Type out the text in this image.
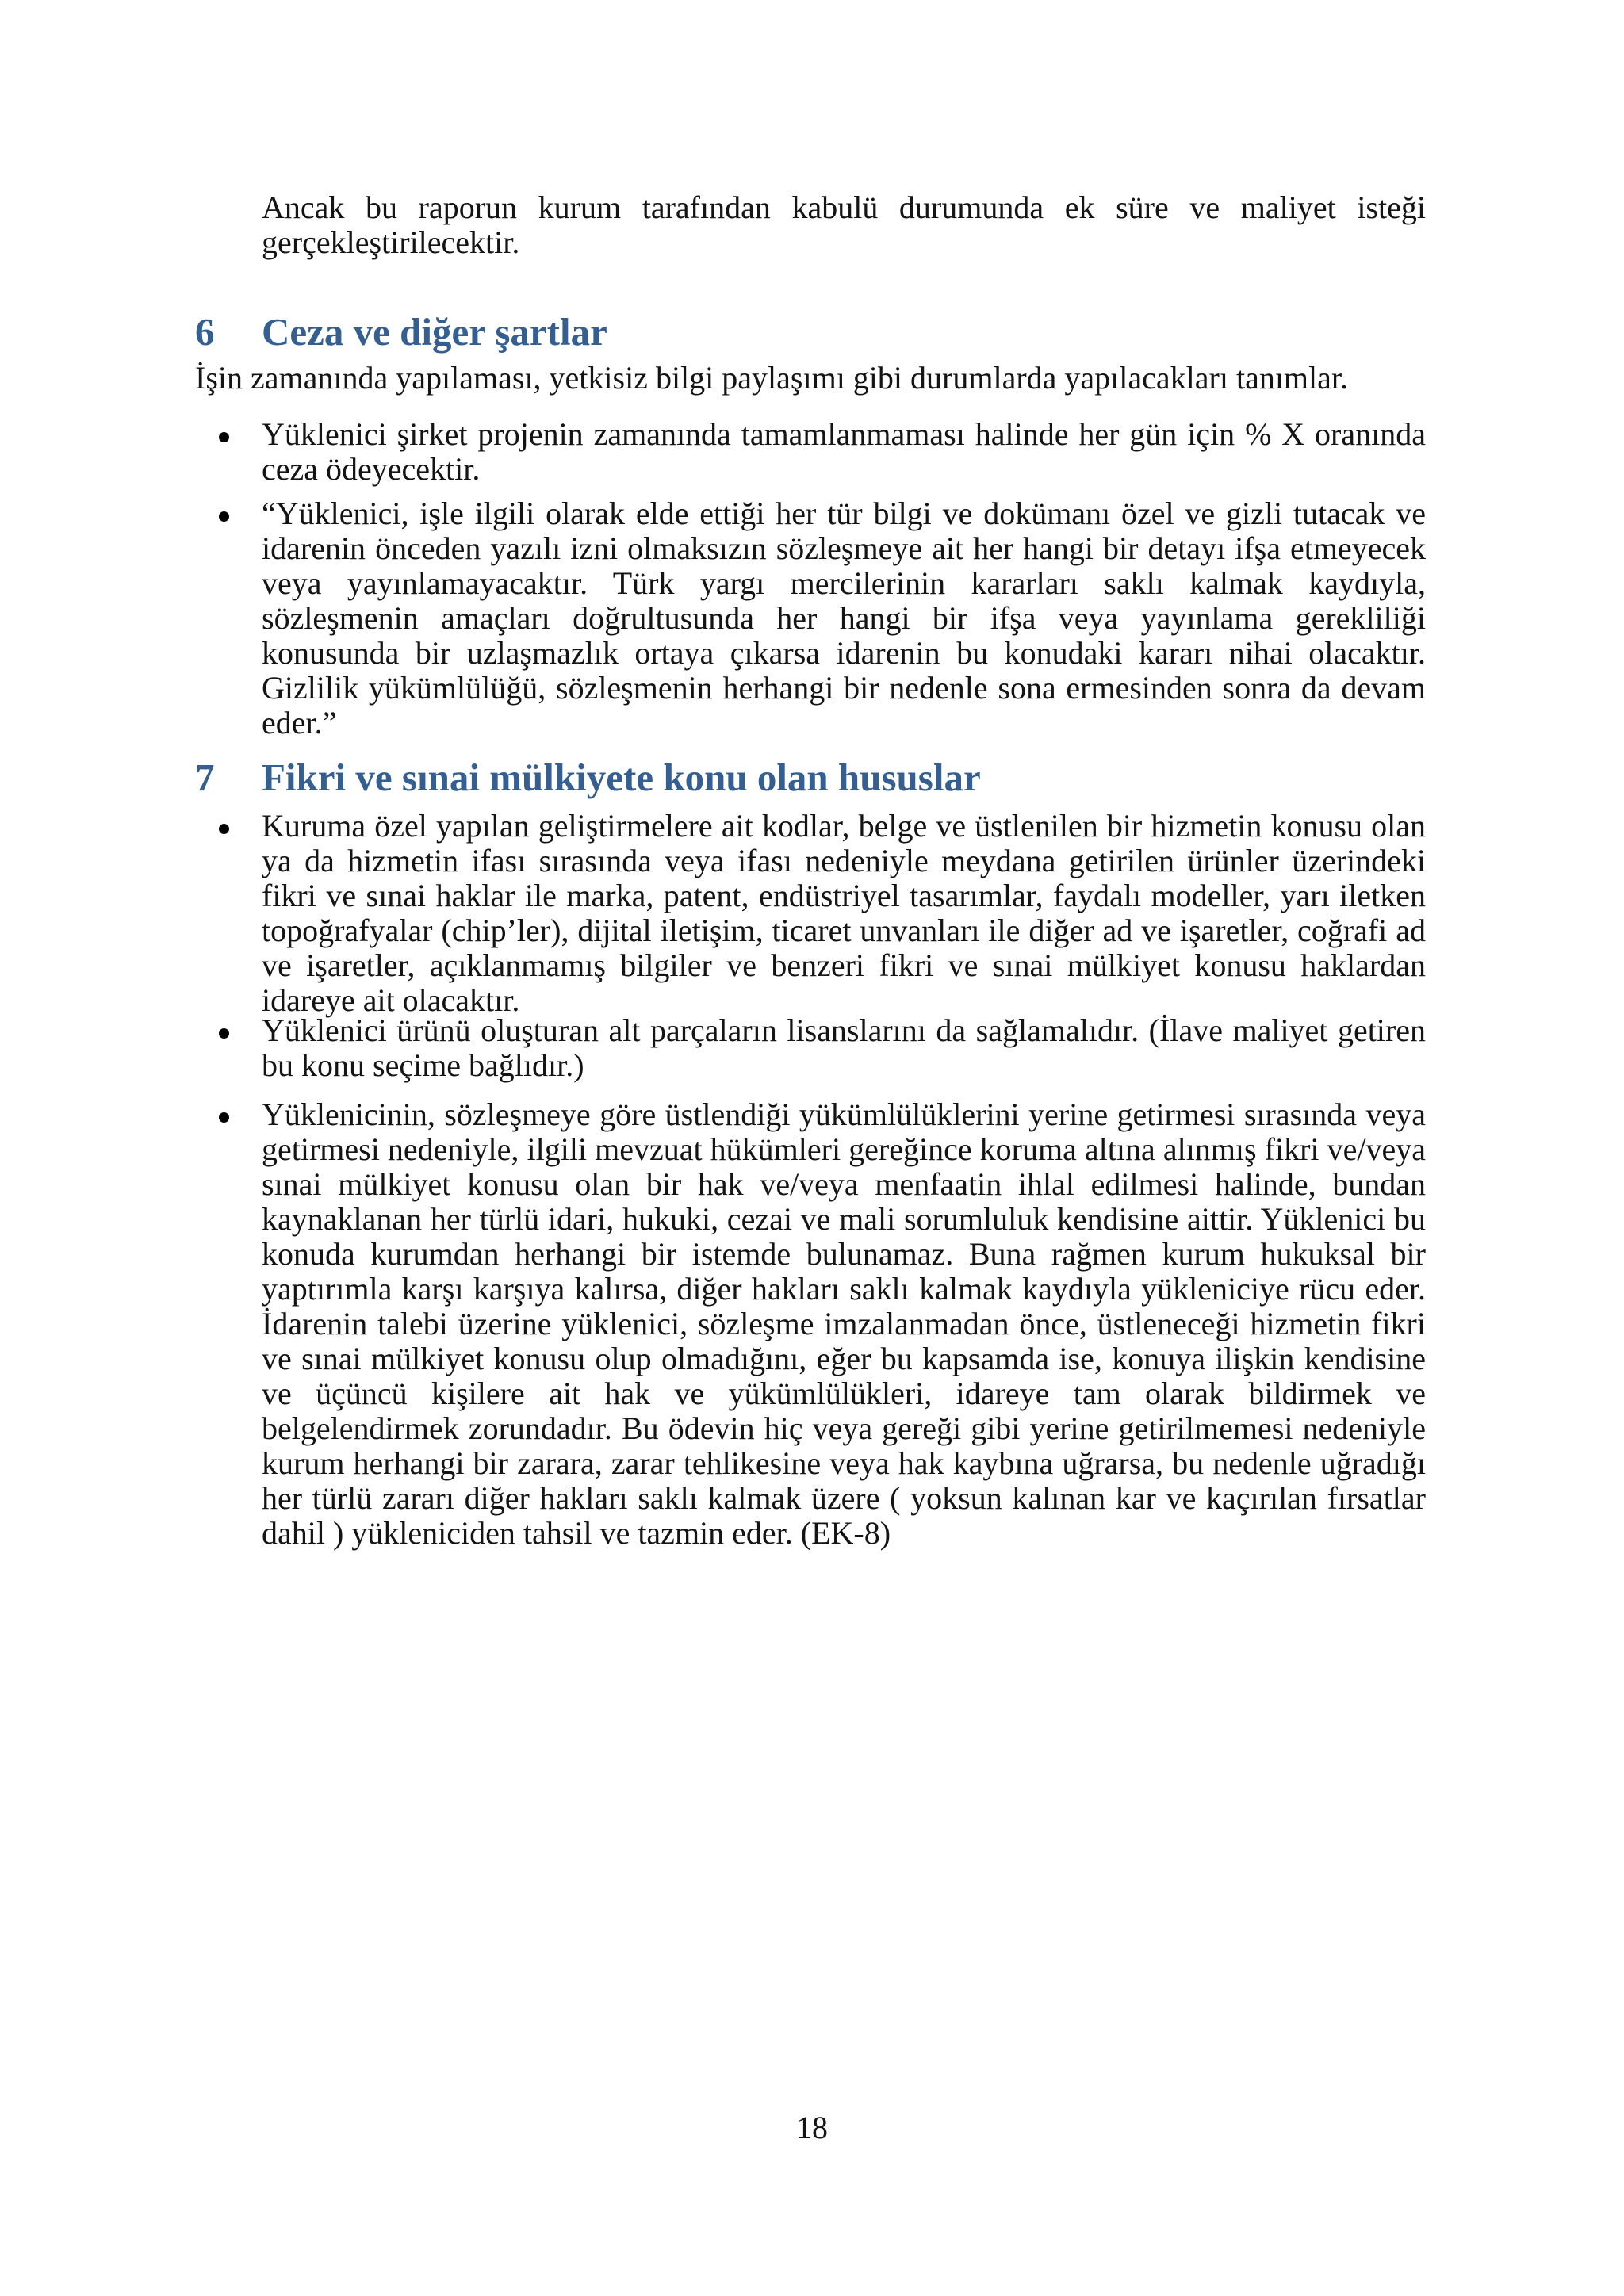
Ancak bu raporun kurum tarafından kabulü durumunda ek süre ve maliyet isteği gerçekleştirilecektir.

6	Ceza ve diğer şartlar

İşin zamanında yapılaması, yetkisiz bilgi paylaşımı gibi durumlarda yapılacakları tanımlar.

Yüklenici şirket projenin zamanında tamamlanmaması halinde her gün için % X oranında ceza ödeyecektir.
“Yüklenici, işle ilgili olarak elde ettiği her tür bilgi ve dokümanı özel ve gizli tutacak ve idarenin önceden yazılı izni olmaksızın sözleşmeye ait her hangi bir detayı ifşa etmeyecek veya yayınlamayacaktır. Türk yargı mercilerinin kararları saklı kalmak kaydıyla, sözleşmenin amaçları doğrultusunda her hangi bir ifşa veya yayınlama gerekliliği konusunda bir uzlaşmazlık ortaya çıkarsa idarenin bu konudaki kararı nihai olacaktır. Gizlilik yükümlülüğü, sözleşmenin herhangi bir nedenle sona ermesinden sonra da devam eder.”
7	Fikri ve sınai mülkiyete konu olan hususlar
Kuruma özel yapılan geliştirmelere ait kodlar, belge ve üstlenilen bir hizmetin konusu olan ya da hizmetin ifası sırasında veya ifası nedeniyle meydana getirilen ürünler üzerindeki fikri ve sınai haklar ile marka, patent, endüstriyel tasarımlar, faydalı modeller, yarı iletken topoğrafyalar (chip’ler), dijital iletişim, ticaret unvanları ile diğer ad ve işaretler, coğrafi ad ve işaretler, açıklanmamış bilgiler ve benzeri fikri ve sınai mülkiyet konusu haklardan idareye ait olacaktır.
Yüklenici ürünü oluşturan alt parçaların lisanslarını da sağlamalıdır. (İlave maliyet getiren bu konu seçime bağlıdır.)
Yüklenicinin, sözleşmeye göre üstlendiği yükümlülüklerini yerine getirmesi sırasında veya getirmesi nedeniyle, ilgili mevzuat hükümleri gereğince koruma altına alınmış fikri ve/veya sınai mülkiyet konusu olan bir hak ve/veya menfaatin ihlal edilmesi halinde, bundan kaynaklanan her türlü idari, hukuki, cezai ve mali sorumluluk kendisine aittir. Yüklenici bu konuda kurumdan herhangi bir istemde bulunamaz. Buna rağmen kurum hukuksal bir yaptırımla karşı karşıya kalırsa, diğer hakları saklı kalmak kaydıyla yükleniciye rücu eder. İdarenin talebi üzerine yüklenici, sözleşme imzalanmadan önce, üstleneceği hizmetin fikri ve sınai mülkiyet konusu olup olmadığını, eğer bu kapsamda ise, konuya ilişkin kendisine ve üçüncü kişilere ait hak ve yükümlülükleri, idareye tam olarak bildirmek ve belgelendirmek zorundadır. Bu ödevin hiç veya gereği gibi yerine getirilmemesi nedeniyle kurum herhangi bir zarara, zarar tehlikesine veya hak kaybına uğrarsa, bu nedenle uğradığı her türlü zararı diğer hakları saklı kalmak üzere ( yoksun kalınan kar ve kaçırılan fırsatlar dahil ) yükleniciden tahsil ve tazmin eder. (EK-8)
18
